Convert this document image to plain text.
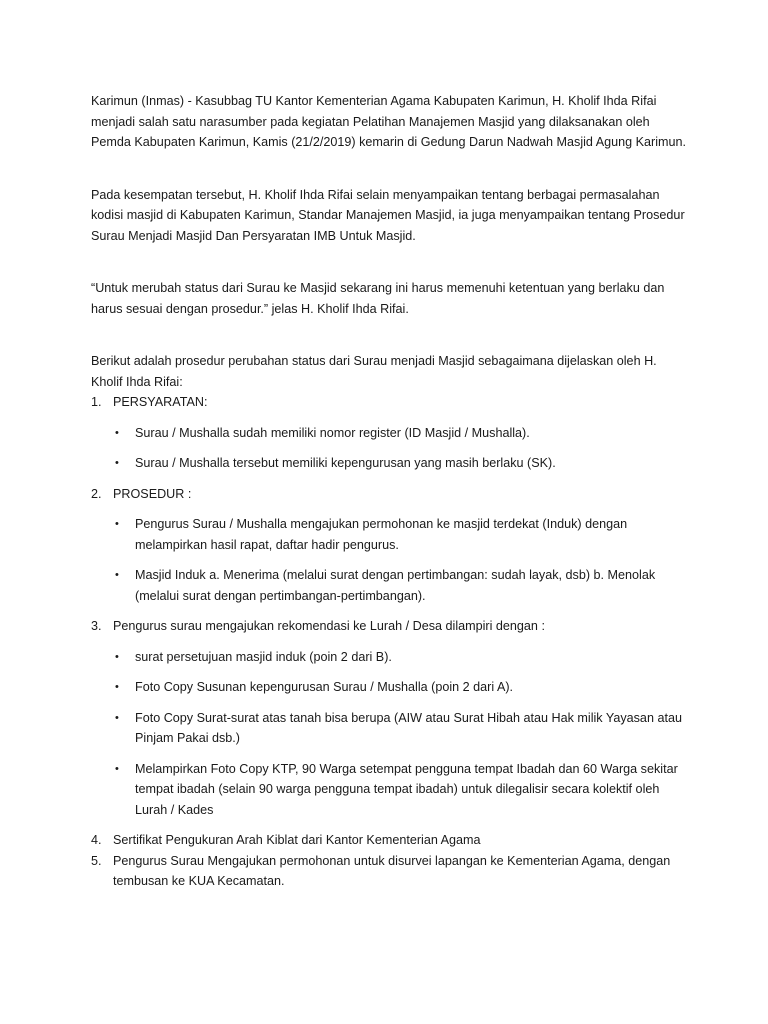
Karimun (Inmas) - Kasubbag TU Kantor Kementerian Agama Kabupaten Karimun, H. Kholif Ihda Rifai menjadi salah satu narasumber pada kegiatan Pelatihan Manajemen Masjid yang dilaksanakan oleh Pemda Kabupaten Karimun, Kamis (21/2/2019) kemarin di Gedung Darun Nadwah Masjid Agung Karimun.

Pada kesempatan tersebut, H. Kholif Ihda Rifai selain menyampaikan tentang berbagai permasalahan kodisi masjid di Kabupaten Karimun, Standar Manajemen Masjid, ia juga menyampaikan tentang Prosedur Surau Menjadi Masjid Dan Persyaratan IMB Untuk Masjid.

“Untuk merubah status dari Surau ke Masjid sekarang ini harus memenuhi ketentuan yang berlaku dan harus sesuai dengan prosedur.” jelas H. Kholif Ihda Rifai.

Berikut adalah prosedur perubahan status dari Surau menjadi Masjid sebagaimana dijelaskan oleh H. Kholif Ihda Rifai:

1. PERSYARATAN:
• Surau / Mushalla sudah memiliki nomor register (ID Masjid / Mushalla).
• Surau / Mushalla tersebut memiliki kepengurusan yang masih berlaku (SK).
2. PROSEDUR :
• Pengurus Surau / Mushalla mengajukan permohonan ke masjid terdekat (Induk) dengan melampirkan hasil rapat, daftar hadir pengurus.
• Masjid Induk a. Menerima (melalui surat dengan pertimbangan: sudah layak, dsb) b. Menolak (melalui surat dengan pertimbangan-pertimbangan).
3. Pengurus surau mengajukan rekomendasi ke Lurah / Desa dilampiri dengan :
• surat persetujuan masjid induk (poin 2 dari B).
• Foto Copy Susunan kepengurusan Surau / Mushalla (poin 2 dari A).
• Foto Copy Surat-surat atas tanah bisa berupa (AIW atau Surat Hibah atau Hak milik Yayasan atau Pinjam Pakai dsb.)
• Melampirkan Foto Copy KTP, 90 Warga setempat pengguna tempat Ibadah dan 60 Warga sekitar tempat ibadah (selain 90 warga pengguna tempat ibadah) untuk dilegalisir secara kolektif oleh Lurah / Kades
4. Sertifikat Pengukuran Arah Kiblat dari Kantor Kementerian Agama
5. Pengurus Surau Mengajukan permohonan untuk disurvei lapangan ke Kementerian Agama, dengan tembusan ke KUA Kecamatan.
